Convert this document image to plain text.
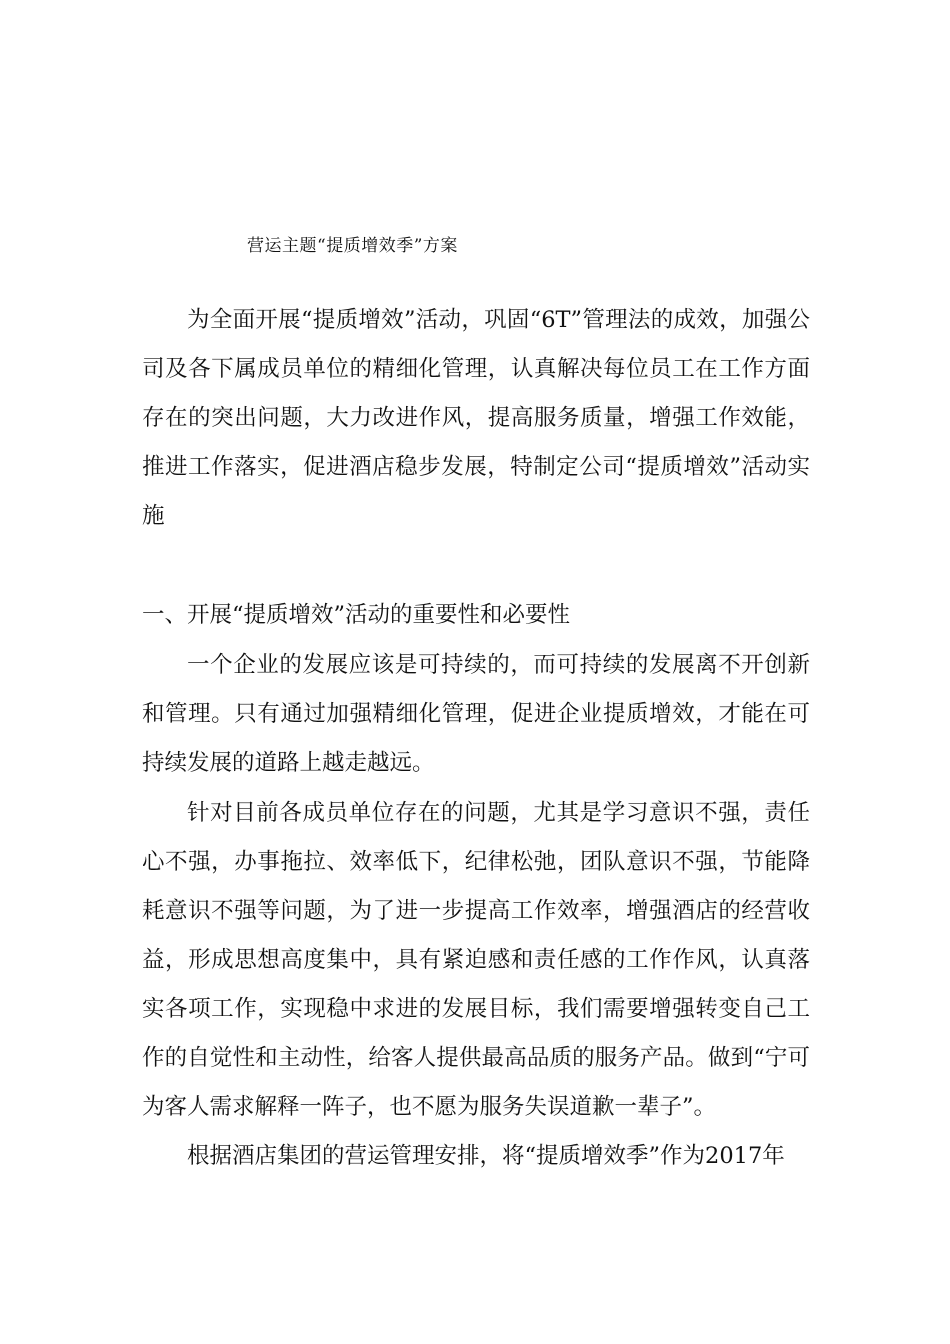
营运主题“提质增效季”方案

为全面开展“提质增效”活动，巩固“6T”管理法的成效，加强公司及各下属成员单位的精细化管理，认真解决每位员工在工作方面存在的突出问题，大力改进作风，提高服务质量，增强工作效能，推进工作落实，促进酒店稳步发展，特制定公司“提质增效”活动实施

一、开展“提质增效”活动的重要性和必要性

一个企业的发展应该是可持续的，而可持续的发展离不开创新和管理。只有通过加强精细化管理，促进企业提质增效，才能在可持续发展的道路上越走越远。

针对目前各成员单位存在的问题，尤其是学习意识不强，责任心不强，办事拖拉、效率低下，纪律松弛，团队意识不强，节能降耗意识不强等问题，为了进一步提高工作效率，增强酒店的经营收益，形成思想高度集中，具有紧迫感和责任感的工作作风，认真落实各项工作，实现稳中求进的发展目标，我们需要增强转变自己工作的自觉性和主动性，给客人提供最高品质的服务产品。做到“宁可为客人需求解释一阵子，也不愿为服务失误道歉一辈子”。

根据酒店集团的营运管理安排，将“提质增效季”作为2017年
